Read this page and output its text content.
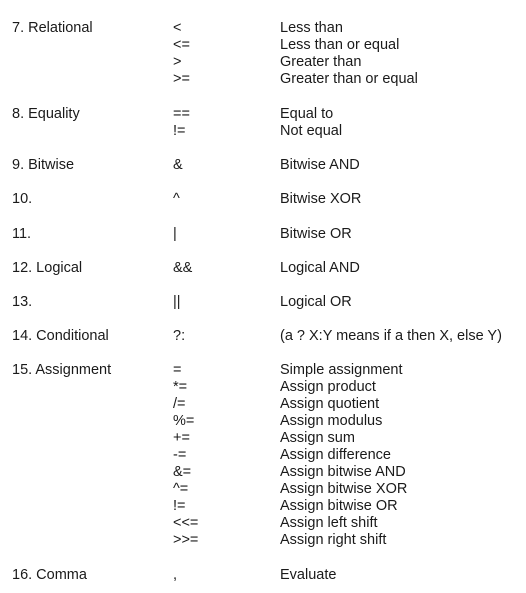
7. Relational	<	Less than
<=	Less than or equal
>	Greater than
>=	Greater than or equal
8. Equality	==	Equal to
!=	Not equal
9. Bitwise	&	Bitwise AND
10.	^	Bitwise XOR
11.	|	Bitwise OR
12. Logical	&&	Logical AND
13.	||	Logical OR
14. Conditional	?:	(a ? X:Y means if a then X, else Y)
15. Assignment	=	Simple assignment
*=	Assign product
/=	Assign quotient
%=	Assign modulus
+=	Assign sum
-=	Assign difference
&=	Assign bitwise AND
^=	Assign bitwise XOR
!=	Assign bitwise OR
<<=	Assign left shift
>>=	Assign right shift
16. Comma	,	Evaluate
